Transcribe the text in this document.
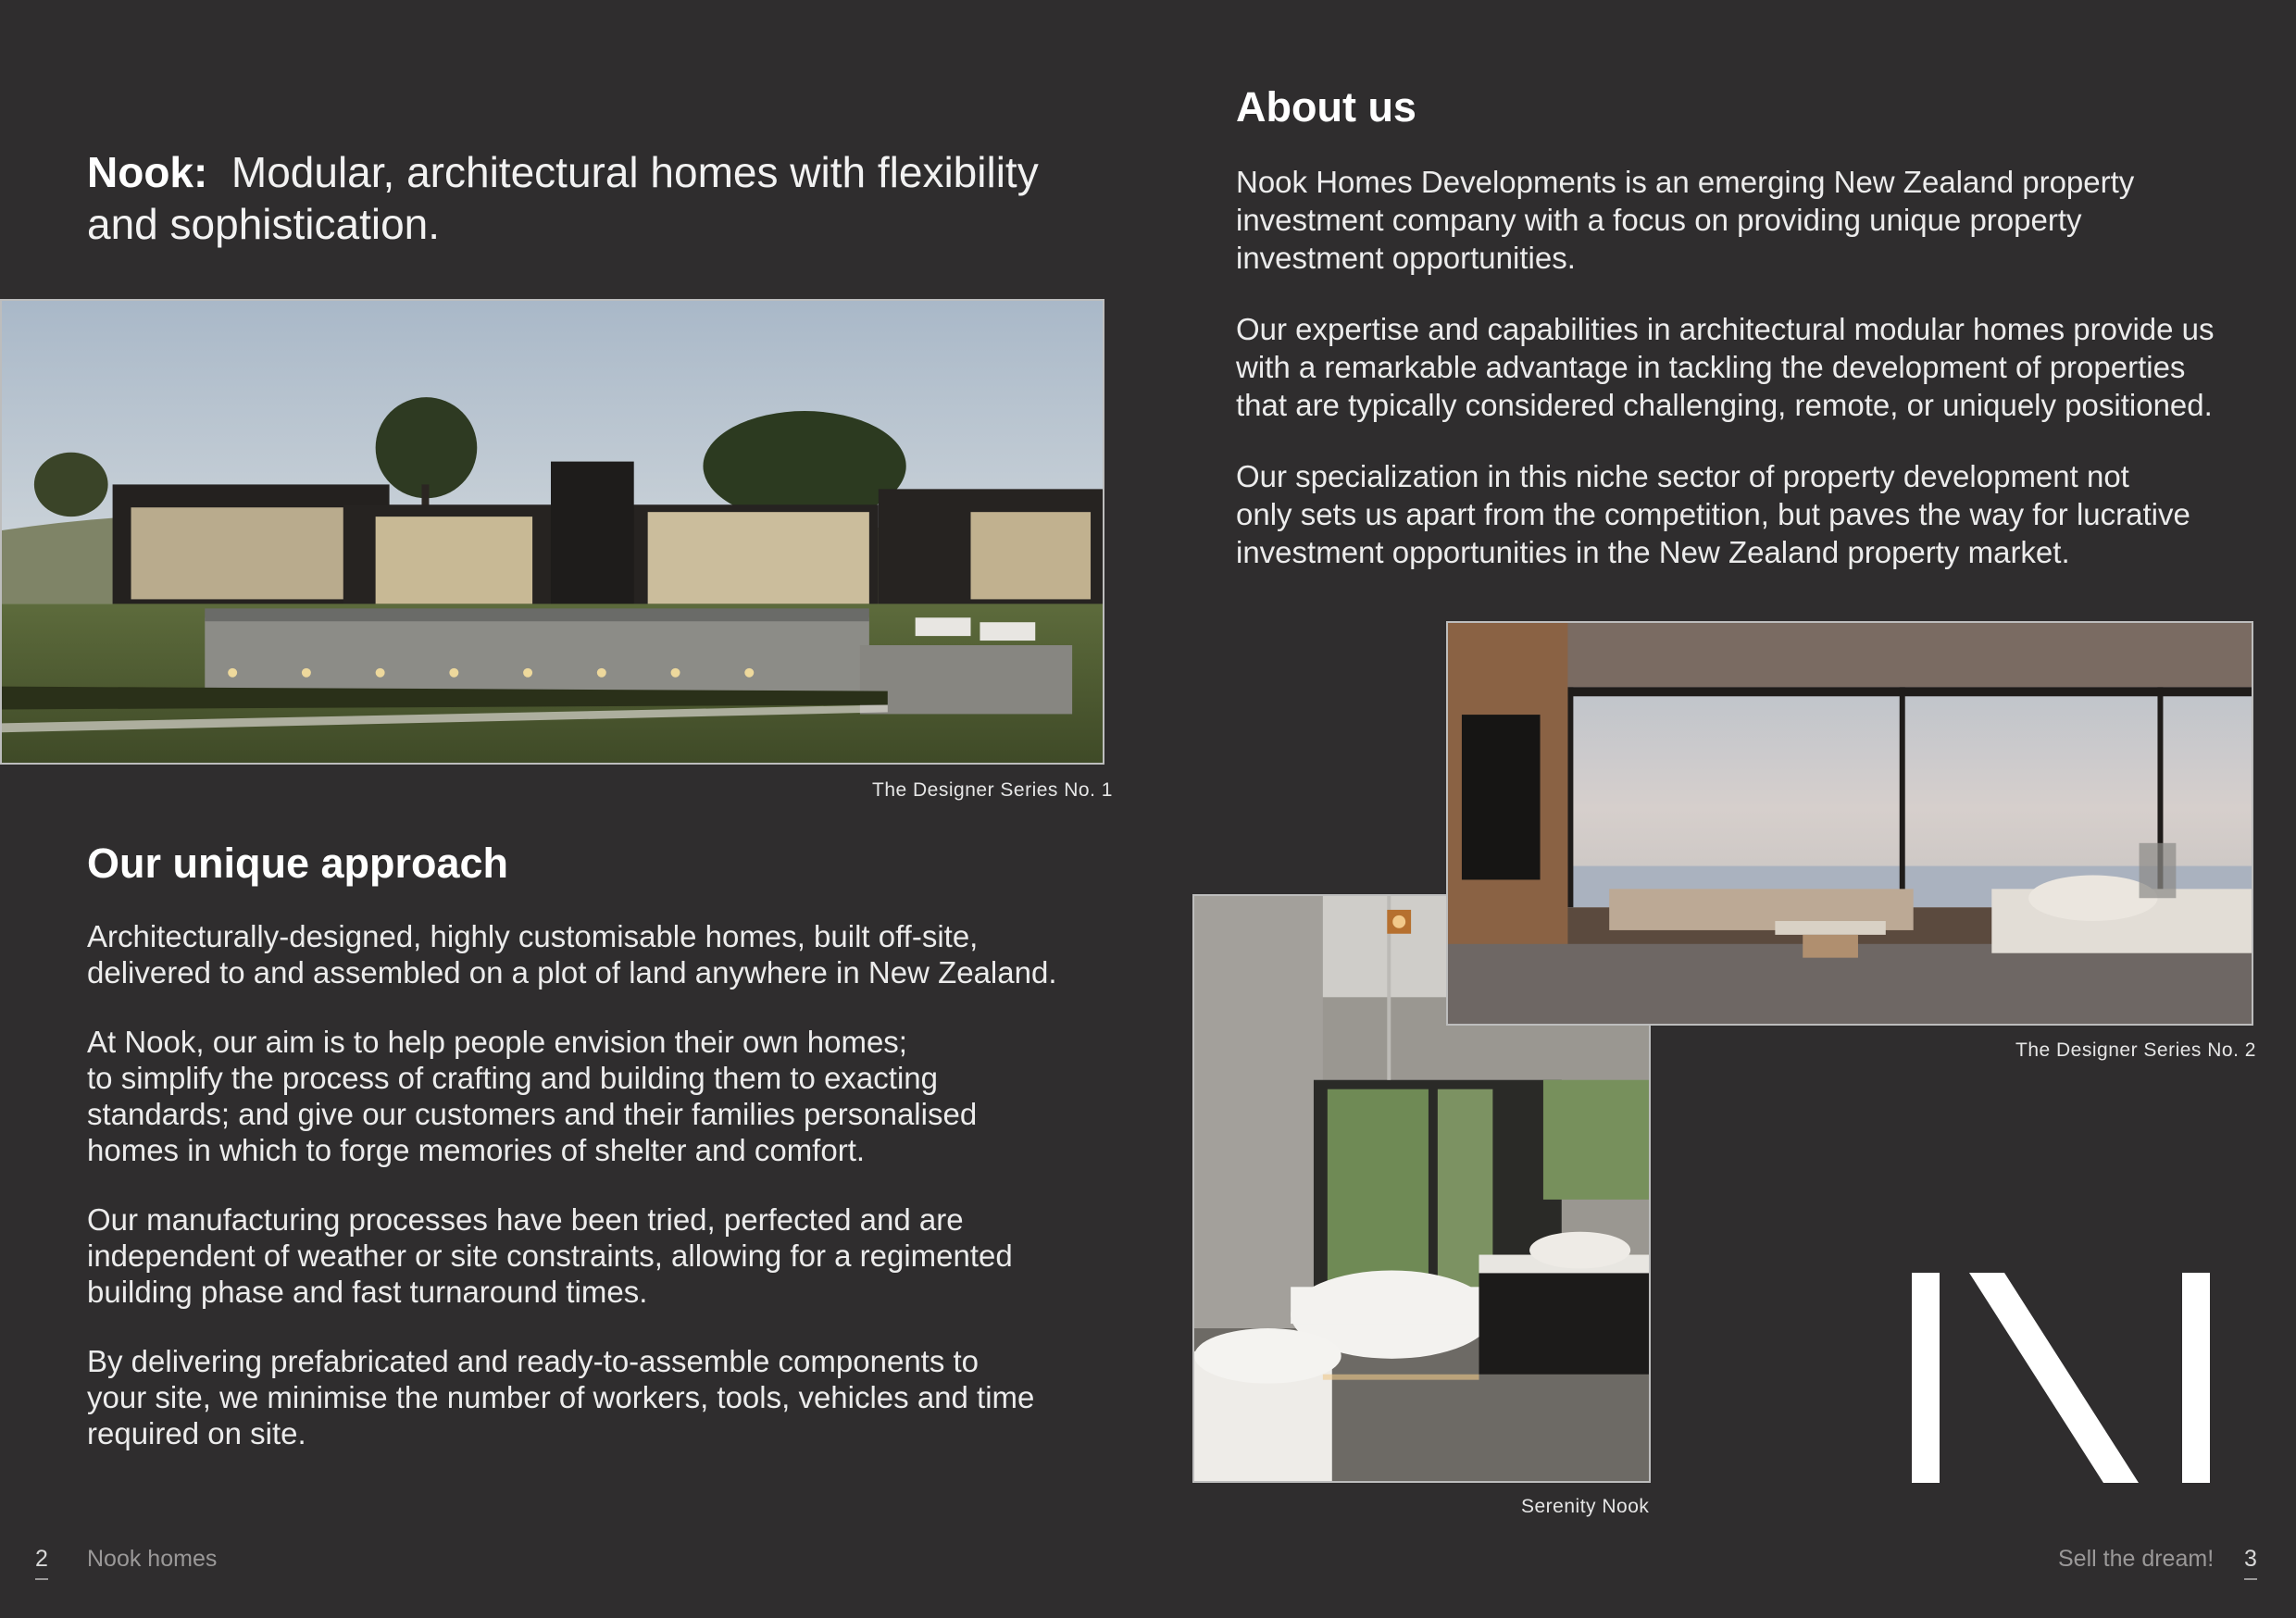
Nook: Modular, architectural homes with flexibility and sophistication.
The Designer Series No. 1
Our unique approach

Architecturally-designed, highly customisable homes, built off-site,
delivered to and assembled on a plot of land anywhere in New Zealand.

At Nook, our aim is to help people envision their own homes;
to simplify the process of crafting and building them to exacting
standards; and give our customers and their families personalised
homes in which to forge memories of shelter and comfort.

Our manufacturing processes have been tried, perfected and are
independent of weather or site constraints, allowing for a regimented
building phase and fast turnaround times.

By delivering prefabricated and ready-to-assemble components to
your site, we minimise the number of workers, tools, vehicles and time
required on site.

2 Nook homes
About us

Nook Homes Developments is an emerging New Zealand property
investment company with a focus on providing unique property
investment opportunities.

Our expertise and capabilities in architectural modular homes provide us
with a remarkable advantage in tackling the development of properties
that are typically considered challenging, remote, or uniquely positioned.

Our specialization in this niche sector of property development not
only sets us apart from the competition, but paves the way for lucrative
investment opportunities in the New Zealand property market.

Serenity Nook
The Designer Series No. 2
Sell the dream! 3
